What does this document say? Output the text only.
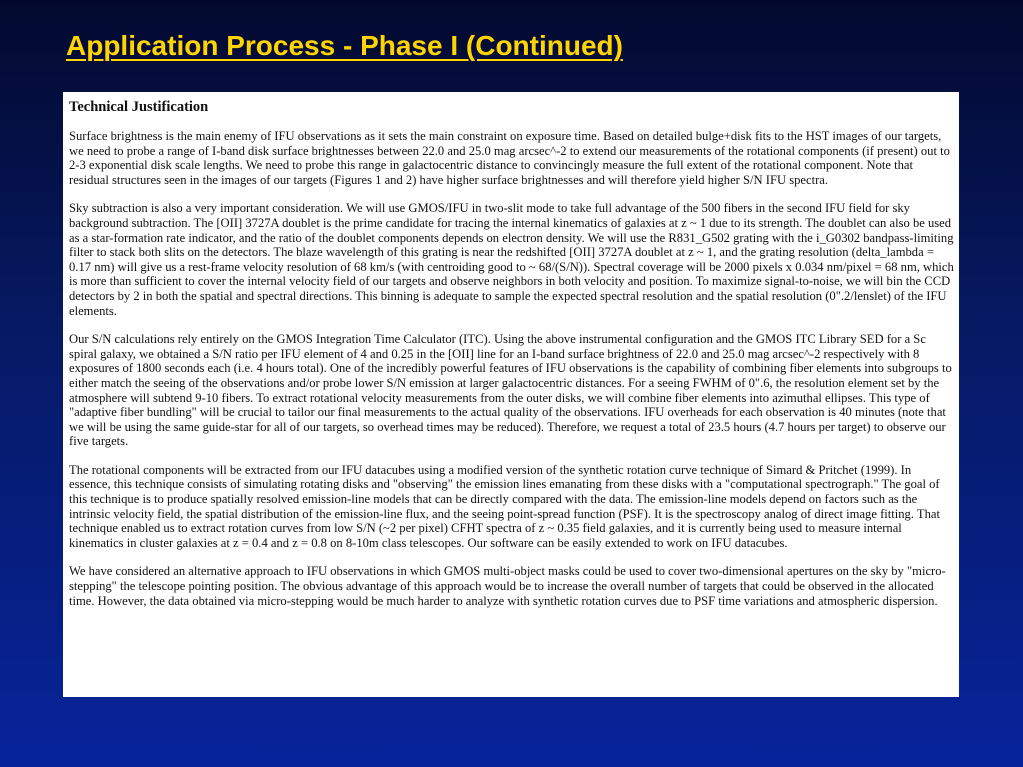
Application Process - Phase I (Continued)

Technical Justification

Surface brightness is the main enemy of IFU observations as it sets the main constraint on exposure time. Based on detailed bulge+disk fits to the HST images of our targets, we need to probe a range of I-band disk surface brightnesses between 22.0 and 25.0 mag arcsec^-2 to extend our measurements of the rotational components (if present) out to 2-3 exponential disk scale lengths. We need to probe this range in galactocentric distance to convincingly measure the full extent of the rotational component. Note that residual structures seen in the images of our targets (Figures 1 and 2) have higher surface brightnesses and will therefore yield higher S/N IFU spectra.

Sky subtraction is also a very important consideration. We will use GMOS/IFU in two-slit mode to take full advantage of the 500 fibers in the second IFU field for sky background subtraction. The [OII] 3727A doublet is the prime candidate for tracing the internal kinematics of galaxies at z ~ 1 due to its strength. The doublet can also be used as a star-formation rate indicator, and the ratio of the doublet components depends on electron density. We will use the R831_G502 grating with the i_G0302 bandpass-limiting filter to stack both slits on the detectors. The blaze wavelength of this grating is near the redshifted [OII] 3727A doublet at z ~ 1, and the grating resolution (delta_lambda = 0.17 nm) will give us a rest-frame velocity resolution of 68 km/s (with centroiding good to ~ 68/(S/N)). Spectral coverage will be 2000 pixels x 0.034 nm/pixel = 68 nm, which is more than sufficient to cover the internal velocity field of our targets and observe neighbors in both velocity and position. To maximize signal-to-noise, we will bin the CCD detectors by 2 in both the spatial and spectral directions. This binning is adequate to sample the expected spectral resolution and the spatial resolution (0".2/lenslet) of the IFU elements.

Our S/N calculations rely entirely on the GMOS Integration Time Calculator (ITC). Using the above instrumental configuration and the GMOS ITC Library SED for a Sc spiral galaxy, we obtained a S/N ratio per IFU element of 4 and 0.25 in the [OII] line for an I-band surface brightness of 22.0 and 25.0 mag arcsec^-2 respectively with 8 exposures of 1800 seconds each (i.e. 4 hours total). One of the incredibly powerful features of IFU observations is the capability of combining fiber elements into subgroups to either match the seeing of the observations and/or probe lower S/N emission at larger galactocentric distances. For a seeing FWHM of 0".6, the resolution element set by the atmosphere will subtend 9-10 fibers. To extract rotational velocity measurements from the outer disks, we will combine fiber elements into azimuthal ellipses. This type of "adaptive fiber bundling" will be crucial to tailor our final measurements to the actual quality of the observations. IFU overheads for each observation is 40 minutes (note that we will be using the same guide-star for all of our targets, so overhead times may be reduced). Therefore, we request a total of 23.5 hours (4.7 hours per target) to observe our five targets.

The rotational components will be extracted from our IFU datacubes using a modified version of the synthetic rotation curve technique of Simard & Pritchet (1999). In essence, this technique consists of simulating rotating disks and "observing" the emission lines emanating from these disks with a "computational spectrograph." The goal of this technique is to produce spatially resolved emission-line models that can be directly compared with the data. The emission-line models depend on factors such as the intrinsic velocity field, the spatial distribution of the emission-line flux, and the seeing point-spread function (PSF). It is the spectroscopy analog of direct image fitting. That technique enabled us to extract rotation curves from low S/N (~2 per pixel) CFHT spectra of z ~ 0.35 field galaxies, and it is currently being used to measure internal kinematics in cluster galaxies at z = 0.4 and z = 0.8 on 8-10m class telescopes. Our software can be easily extended to work on IFU datacubes.

We have considered an alternative approach to IFU observations in which GMOS multi-object masks could be used to cover two-dimensional apertures on the sky by "micro-stepping" the telescope pointing position. The obvious advantage of this approach would be to increase the overall number of targets that could be observed in the allocated time. However, the data obtained via micro-stepping would be much harder to analyze with synthetic rotation curves due to PSF time variations and atmospheric dispersion.
